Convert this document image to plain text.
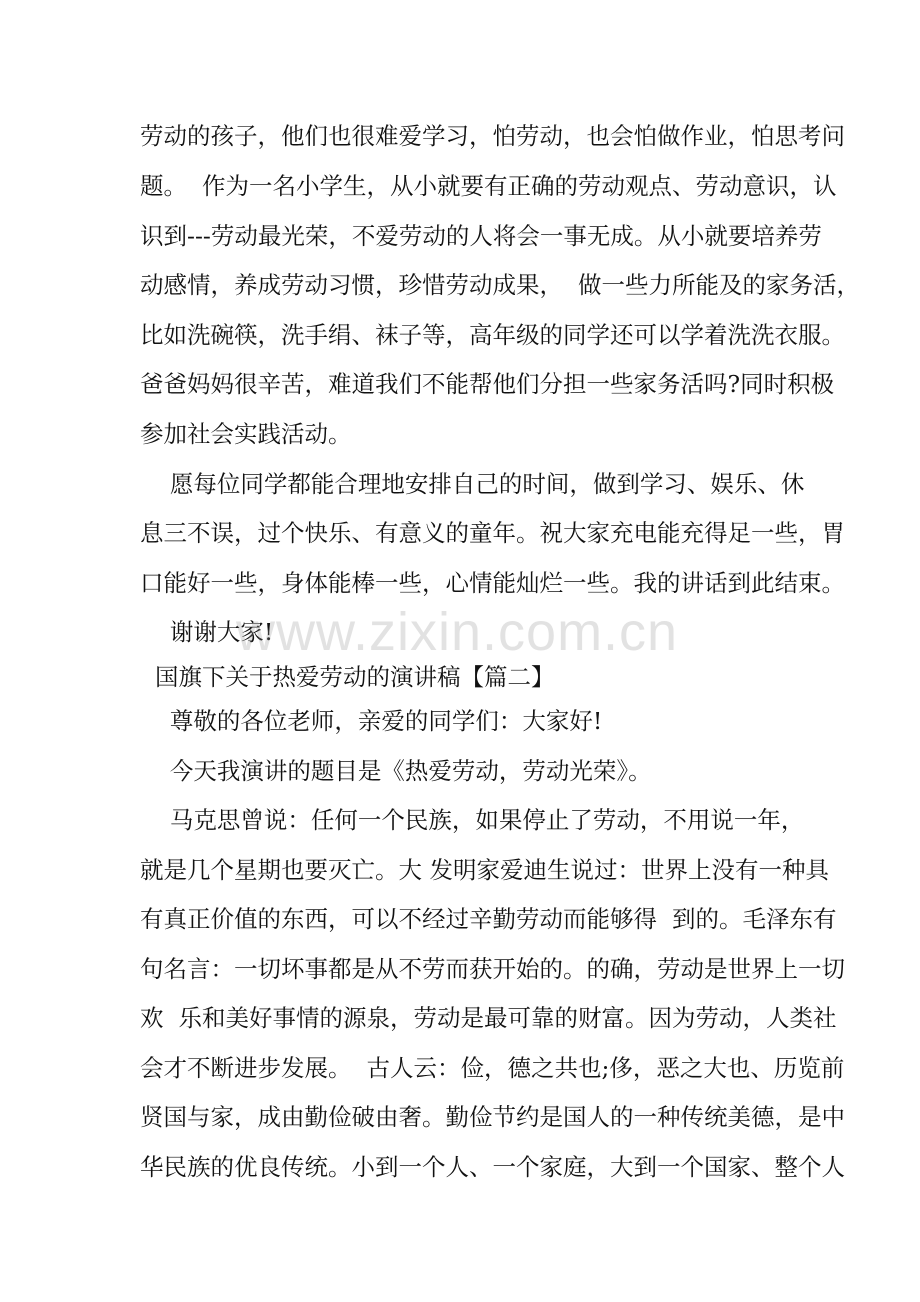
劳动的孩子，他们也很难爱学习，怕劳动，也会怕做作业，怕思考问
题。  作为一名小学生，从小就要有正确的劳动观点、劳动意识，认
识到---劳动最光荣，不爱劳动的人将会一事无成。从小就要培养劳
动感情，养成劳动习惯，珍惜劳动成果，  做一些力所能及的家务活，
比如洗碗筷，洗手绢、袜子等，高年级的同学还可以学着洗洗衣服。
爸爸妈妈很辛苦，难道我们不能帮他们分担一些家务活吗?同时积极
参加社会实践活动。
愿每位同学都能合理地安排自己的时间，做到学习、娱乐、休
息三不误，过个快乐、有意义的童年。祝大家充电能充得足一些，胃
口能好一些，身体能棒一些，心情能灿烂一些。我的讲话到此结束。
谢谢大家!
国旗下关于热爱劳动的演讲稿【篇二】
尊敬的各位老师，亲爱的同学们：大家好!
今天我演讲的题目是《热爱劳动，劳动光荣》。
马克思曾说：任何一个民族，如果停止了劳动，不用说一年，
就是几个星期也要灭亡。大 发明家爱迪生说过：世界上没有一种具
有真正价值的东西，可以不经过辛勤劳动而能够得  到的。毛泽东有
句名言：一切坏事都是从不劳而获开始的。的确，劳动是世界上一切
欢  乐和美好事情的源泉，劳动是最可靠的财富。因为劳动，人类社
会才不断进步发展。  古人云：俭，德之共也;侈，恶之大也、历览前
贤国与家，成由勤俭破由奢。勤俭节约是国人的一种传统美德，是中
华民族的优良传统。小到一个人、一个家庭，大到一个国家、整个人
www.zixin.com.cn
